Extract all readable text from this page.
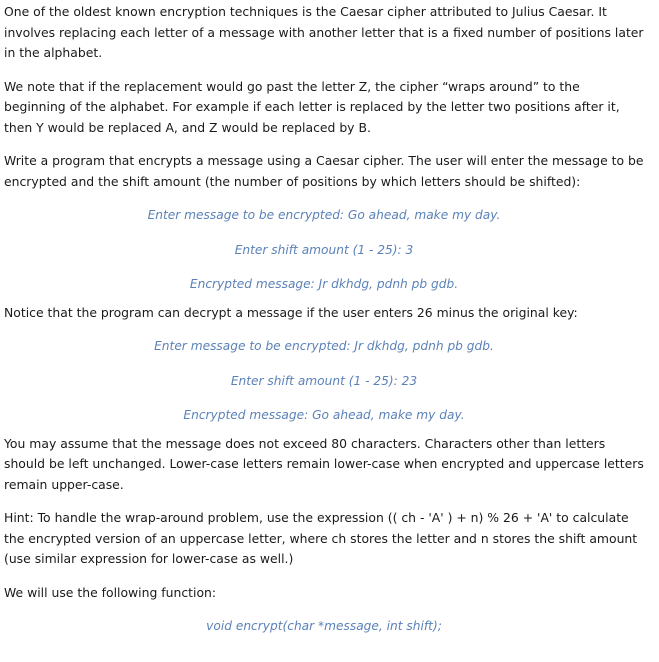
One of the oldest known encryption techniques is the Caesar cipher attributed to Julius Caesar. It involves replacing each letter of a message with another letter that is a fixed number of positions later in the alphabet.

We note that if the replacement would go past the letter Z, the cipher “wraps around” to the beginning of the alphabet. For example if each letter is replaced by the letter two positions after it, then Y would be replaced A, and Z would be replaced by B.

Write a program that encrypts a message using a Caesar cipher. The user will enter the message to be encrypted and the shift amount (the number of positions by which letters should be shifted):

Enter message to be encrypted: Go ahead, make my day.

Enter shift amount (1 - 25): 3

Encrypted message: Jr dkhdg, pdnh pb gdb.

Notice that the program can decrypt a message if the user enters 26 minus the original key:

Enter message to be encrypted: Jr dkhdg, pdnh pb gdb.

Enter shift amount (1 - 25): 23

Encrypted message: Go ahead, make my day.

You may assume that the message does not exceed 80 characters. Characters other than letters should be left unchanged. Lower-case letters remain lower-case when encrypted and uppercase letters remain upper-case.

Hint: To handle the wrap-around problem, use the expression (( ch - 'A' ) + n) % 26 + 'A' to calculate the encrypted version of an uppercase letter, where ch stores the letter and n stores the shift amount (use similar expression for lower-case as well.)

We will use the following function:

void encrypt(char *message, int shift);
